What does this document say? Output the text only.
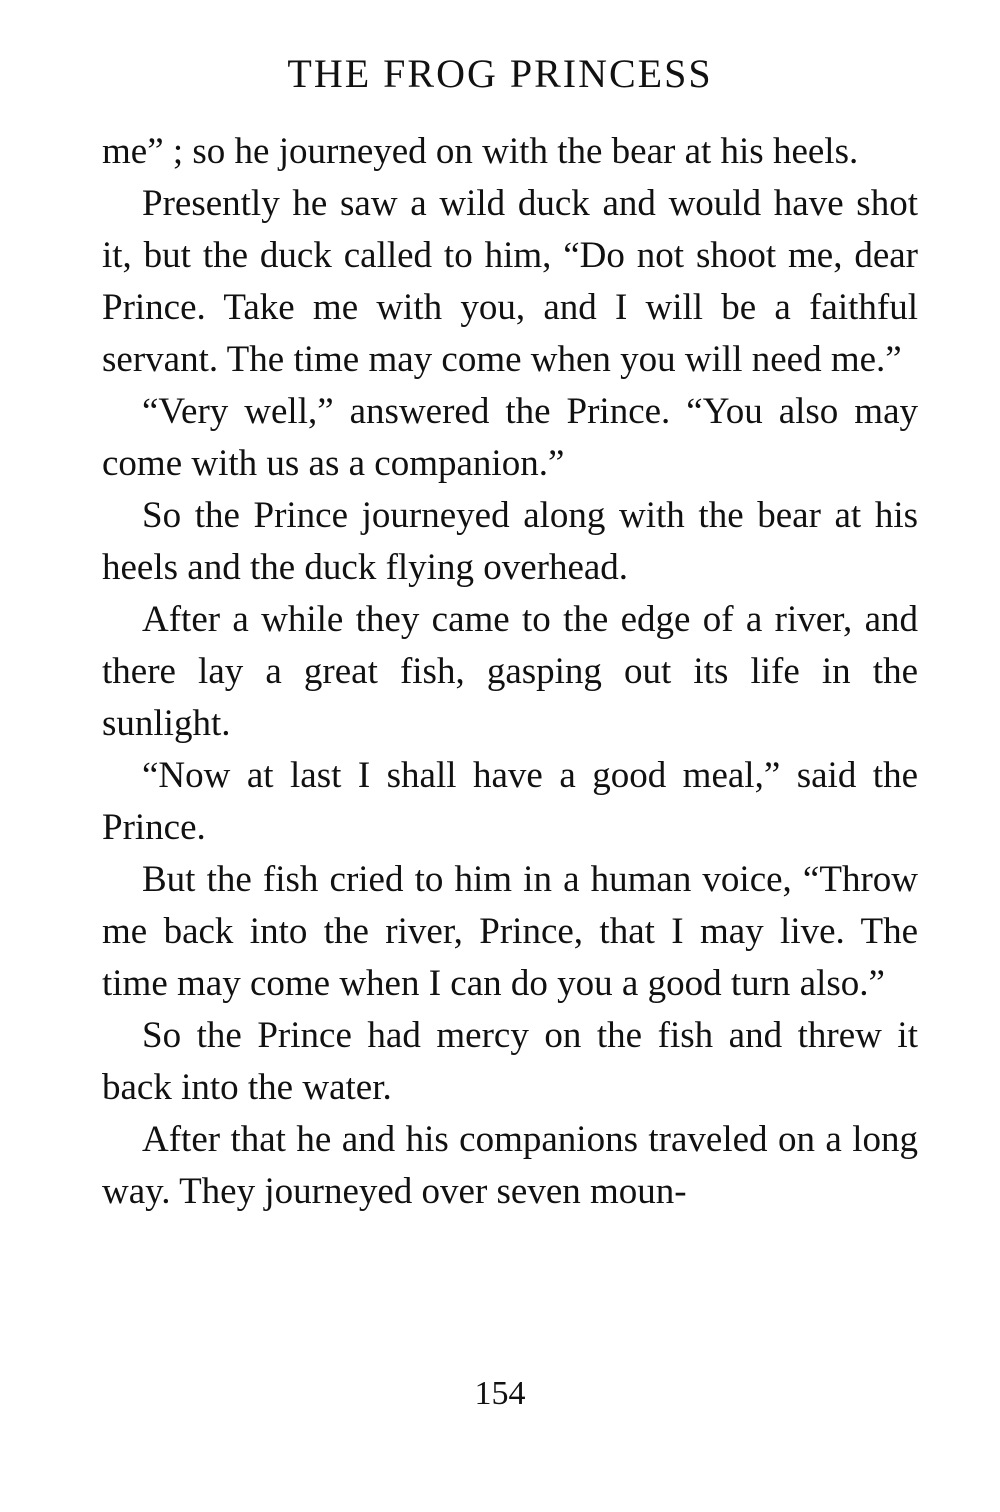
THE FROG PRINCESS

me” ; so he journeyed on with the bear at his heels.

Presently he saw a wild duck and would have shot it, but the duck called to him, “Do not shoot me, dear Prince. Take me with you, and I will be a faithful servant. The time may come when you will need me.”

“Very well,” answered the Prince. “You also may come with us as a companion.”

So the Prince journeyed along with the bear at his heels and the duck flying overhead.

After a while they came to the edge of a river, and there lay a great fish, gasping out its life in the sunlight.

“Now at last I shall have a good meal,” said the Prince.

But the fish cried to him in a human voice, “Throw me back into the river, Prince, that I may live. The time may come when I can do you a good turn also.”

So the Prince had mercy on the fish and threw it back into the water.

After that he and his companions traveled on a long way. They journeyed over seven moun-

154
